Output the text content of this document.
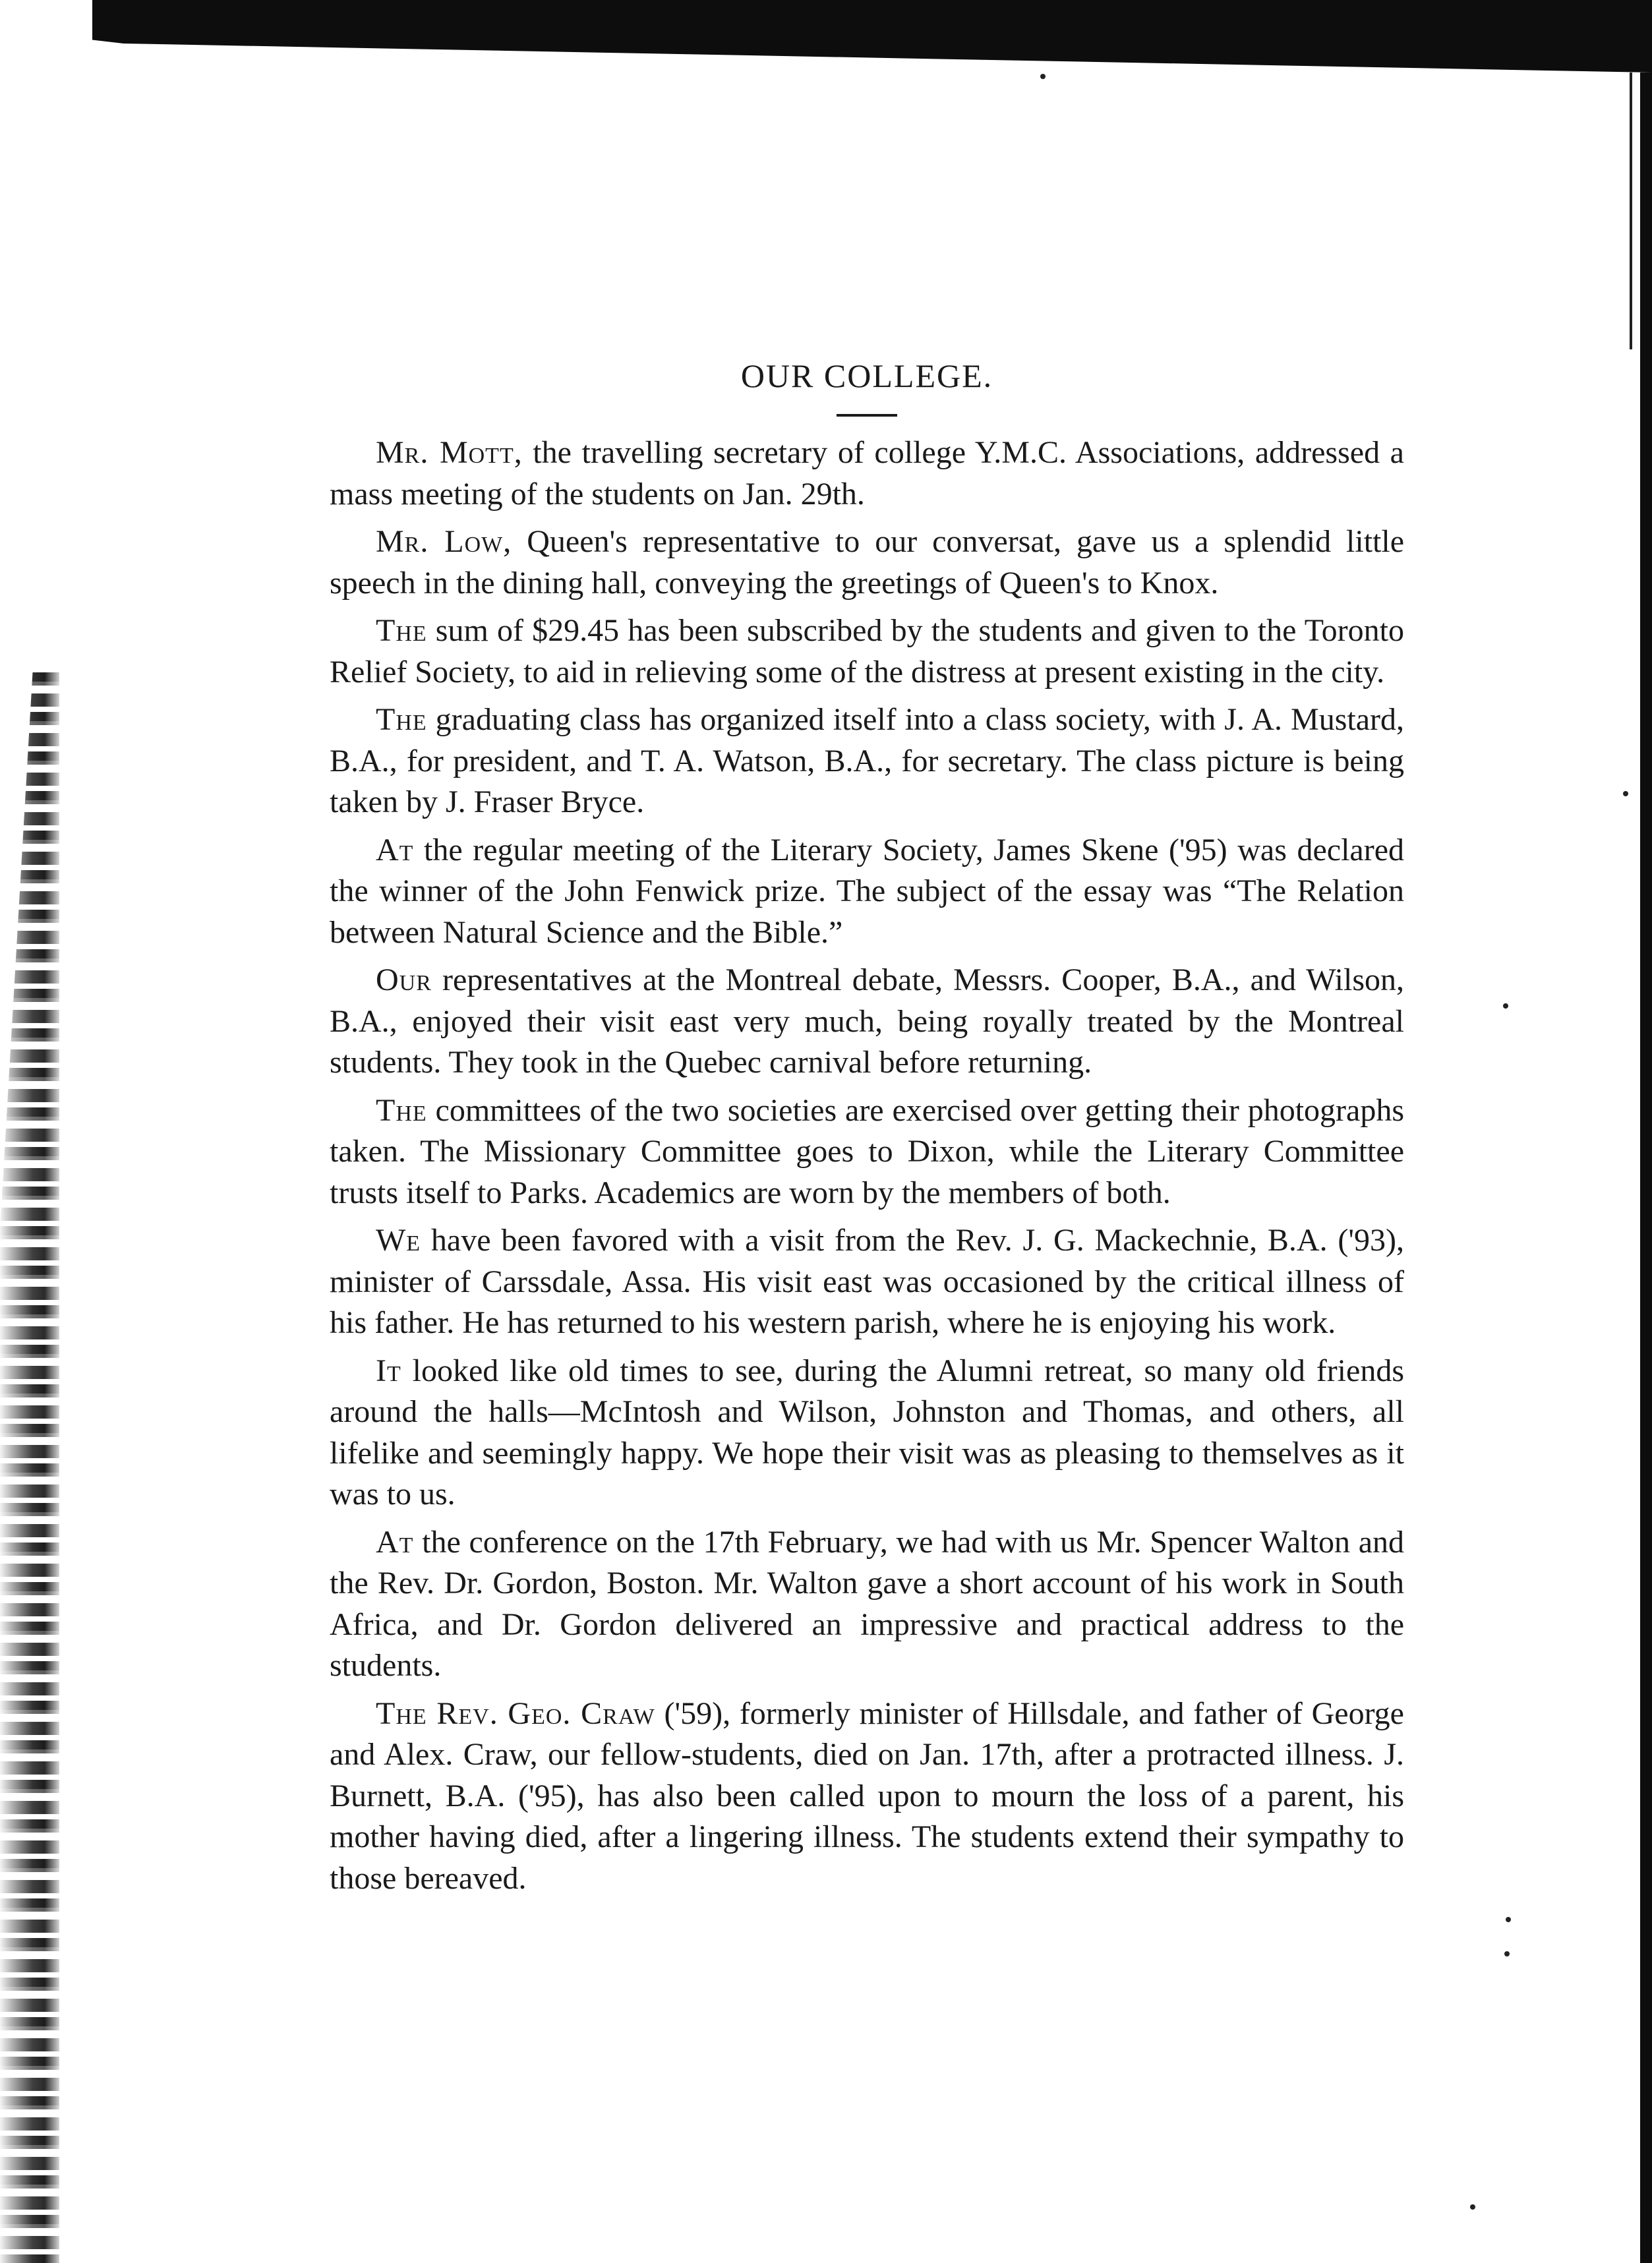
OUR COLLEGE.

Mr. Mott, the travelling secretary of college Y.M.C. Associations, addressed a mass meeting of the students on Jan. 29th.

Mr. Low, Queen's representative to our conversat, gave us a splendid little speech in the dining hall, conveying the greetings of Queen's to Knox.

The sum of $29.45 has been subscribed by the students and given to the Toronto Relief Society, to aid in relieving some of the distress at present existing in the city.

The graduating class has organized itself into a class society, with J. A. Mustard, B.A., for president, and T. A. Watson, B.A., for secretary. The class picture is being taken by J. Fraser Bryce.

At the regular meeting of the Literary Society, James Skene ('95) was declared the winner of the John Fenwick prize. The subject of the essay was “The Relation between Natural Science and the Bible.”

Our representatives at the Montreal debate, Messrs. Cooper, B.A., and Wilson, B.A., enjoyed their visit east very much, being royally treated by the Montreal students. They took in the Quebec carnival before returning.

The committees of the two societies are exercised over getting their photographs taken. The Missionary Committee goes to Dixon, while the Literary Committee trusts itself to Parks. Academics are worn by the members of both.

We have been favored with a visit from the Rev. J. G. Mackechnie, B.A. ('93), minister of Carssdale, Assa. His visit east was occasioned by the critical illness of his father. He has returned to his western parish, where he is enjoying his work.

It looked like old times to see, during the Alumni retreat, so many old friends around the halls—McIntosh and Wilson, Johnston and Thomas, and others, all lifelike and seemingly happy. We hope their visit was as pleasing to themselves as it was to us.

At the conference on the 17th February, we had with us Mr. Spencer Walton and the Rev. Dr. Gordon, Boston. Mr. Walton gave a short account of his work in South Africa, and Dr. Gordon delivered an impressive and practical address to the students.

The Rev. Geo. Craw ('59), formerly minister of Hillsdale, and father of George and Alex. Craw, our fellow-students, died on Jan. 17th, after a protracted illness. J. Burnett, B.A. ('95), has also been called upon to mourn the loss of a parent, his mother having died, after a lingering illness. The students extend their sympathy to those bereaved.
